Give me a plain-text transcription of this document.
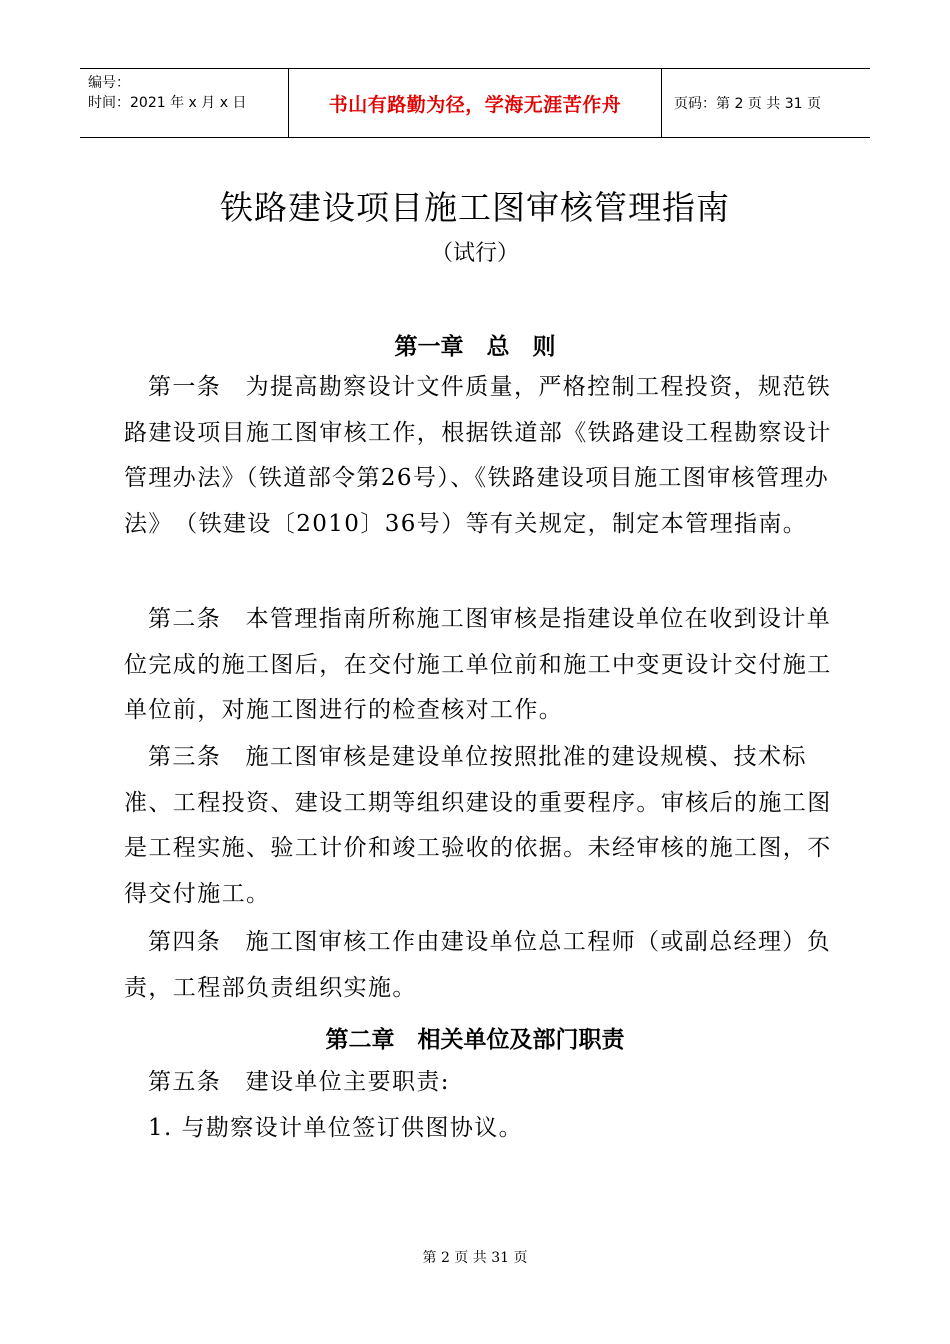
编号：
时间：2021 年 x 月 x 日	书山有路勤为径，学海无涯苦作舟	页码：第 2 页 共 31 页
铁路建设项目施工图审核管理指南
（试行）
第一章　总　则
第一条　为提高勘察设计文件质量，严格控制工程投资，规范铁路建设项目施工图审核工作，根据铁道部《铁路建设工程勘察设计管理办法》（铁道部令第26号）、《铁路建设项目施工图审核管理办法》　（铁建设〔2010〕36号）等有关规定，制定本管理指南。
第二条　本管理指南所称施工图审核是指建设单位在收到设计单位完成的施工图后，在交付施工单位前和施工中变更设计交付施工单位前，对施工图进行的检查核对工作。
第三条　施工图审核是建设单位按照批准的建设规模、技术标准、工程投资、建设工期等组织建设的重要程序。审核后的施工图是工程实施、验工计价和竣工验收的依据。未经审核的施工图，不得交付施工。
第四条　施工图审核工作由建设单位总工程师（或副总经理）负责，工程部负责组织实施。
第二章　相关单位及部门职责
第五条　建设单位主要职责:
1. 与勘察设计单位签订供图协议。
第 2 页 共 31 页
